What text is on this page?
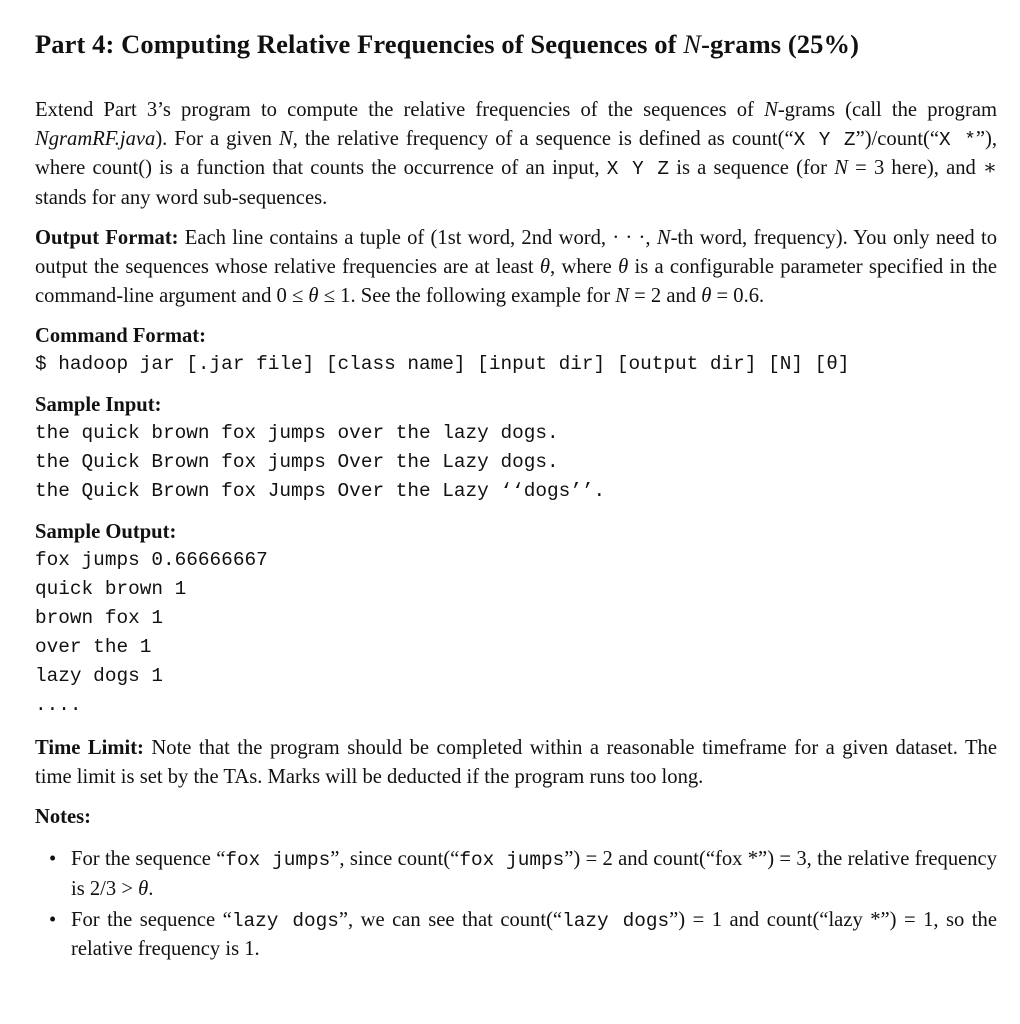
Part 4: Computing Relative Frequencies of Sequences of N-grams (25%)

Extend Part 3’s program to compute the relative frequencies of the sequences of N-grams (call the program NgramRF.java). For a given N, the relative frequency of a sequence is defined as count(“X Y Z”)/count(“X *”), where count() is a function that counts the occurrence of an input, X Y Z is a sequence (for N = 3 here), and ∗ stands for any word sub-sequences.

Output Format: Each line contains a tuple of (1st word, 2nd word, · · ·, N-th word, frequency). You only need to output the sequences whose relative frequencies are at least θ, where θ is a configurable parameter specified in the command-line argument and 0 ≤ θ ≤ 1. See the following example for N = 2 and θ = 0.6.

Command Format:
$ hadoop jar [.jar file] [class name] [input dir] [output dir] [N] [θ]
Sample Input:
the quick brown fox jumps over the lazy dogs.
the Quick Brown fox jumps Over the Lazy dogs.
the Quick Brown fox Jumps Over the Lazy ‘‘dogs’’.
Sample Output:
fox jumps 0.66666667
quick brown 1
brown fox 1
over the 1
lazy dogs 1
....

Time Limit: Note that the program should be completed within a reasonable timeframe for a given dataset. The time limit is set by the TAs. Marks will be deducted if the program runs too long.

Notes:
• For the sequence “fox jumps”, since count(“fox jumps”) = 2 and count(“fox *”) = 3, the relative frequency is 2/3 > θ.
• For the sequence “lazy dogs”, we can see that count(“lazy dogs”) = 1 and count(“lazy *”) = 1, so the relative frequency is 1.
